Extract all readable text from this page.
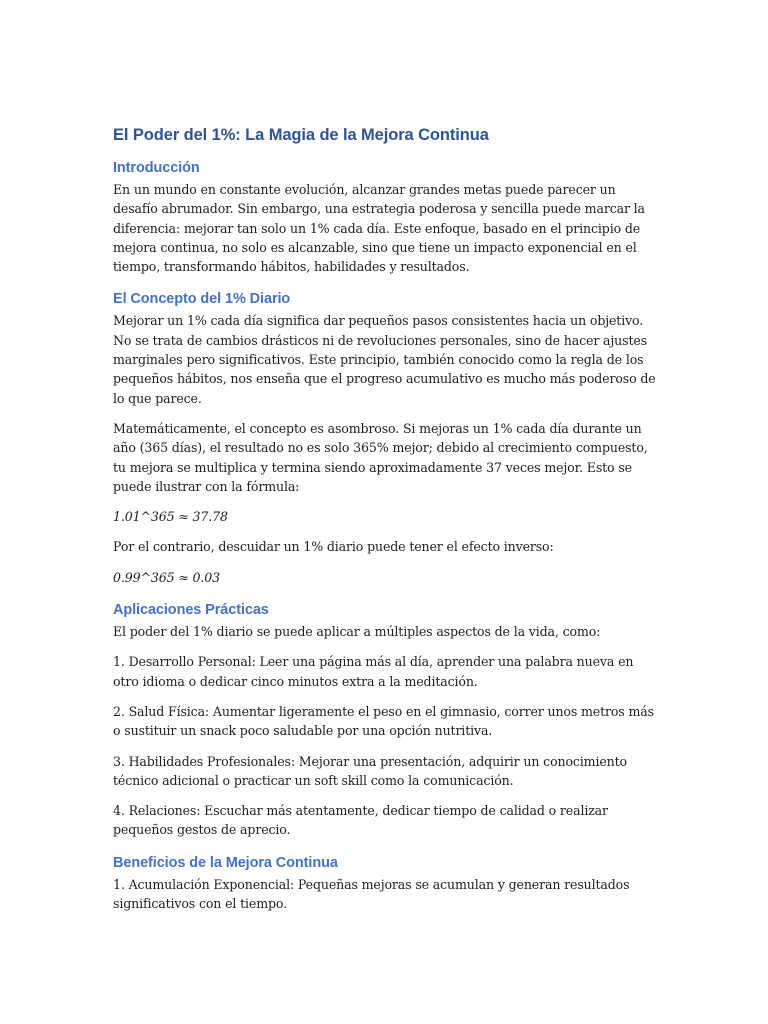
El Poder del 1%: La Magia de la Mejora Continua
Introducción

En un mundo en constante evolución, alcanzar grandes metas puede parecer un desafío abrumador. Sin embargo, una estrategia poderosa y sencilla puede marcar la diferencia: mejorar tan solo un 1% cada día. Este enfoque, basado en el principio de mejora continua, no solo es alcanzable, sino que tiene un impacto exponencial en el tiempo, transformando hábitos, habilidades y resultados.

El Concepto del 1% Diario

Mejorar un 1% cada día significa dar pequeños pasos consistentes hacia un objetivo. No se trata de cambios drásticos ni de revoluciones personales, sino de hacer ajustes marginales pero significativos. Este principio, también conocido como la regla de los pequeños hábitos, nos enseña que el progreso acumulativo es mucho más poderoso de lo que parece.

Matemáticamente, el concepto es asombroso. Si mejoras un 1% cada día durante un año (365 días), el resultado no es solo 365% mejor; debido al crecimiento compuesto, tu mejora se multiplica y termina siendo aproximadamente 37 veces mejor. Esto se puede ilustrar con la fórmula:

1.01^365 ≈ 37.78

Por el contrario, descuidar un 1% diario puede tener el efecto inverso:

0.99^365 ≈ 0.03

Aplicaciones Prácticas

El poder del 1% diario se puede aplicar a múltiples aspectos de la vida, como:

1. Desarrollo Personal: Leer una página más al día, aprender una palabra nueva en otro idioma o dedicar cinco minutos extra a la meditación.

2. Salud Física: Aumentar ligeramente el peso en el gimnasio, correr unos metros más o sustituir un snack poco saludable por una opción nutritiva.

3. Habilidades Profesionales: Mejorar una presentación, adquirir un conocimiento técnico adicional o practicar un soft skill como la comunicación.

4. Relaciones: Escuchar más atentamente, dedicar tiempo de calidad o realizar pequeños gestos de aprecio.

Beneficios de la Mejora Continua

1. Acumulación Exponencial: Pequeñas mejoras se acumulan y generan resultados significativos con el tiempo.
